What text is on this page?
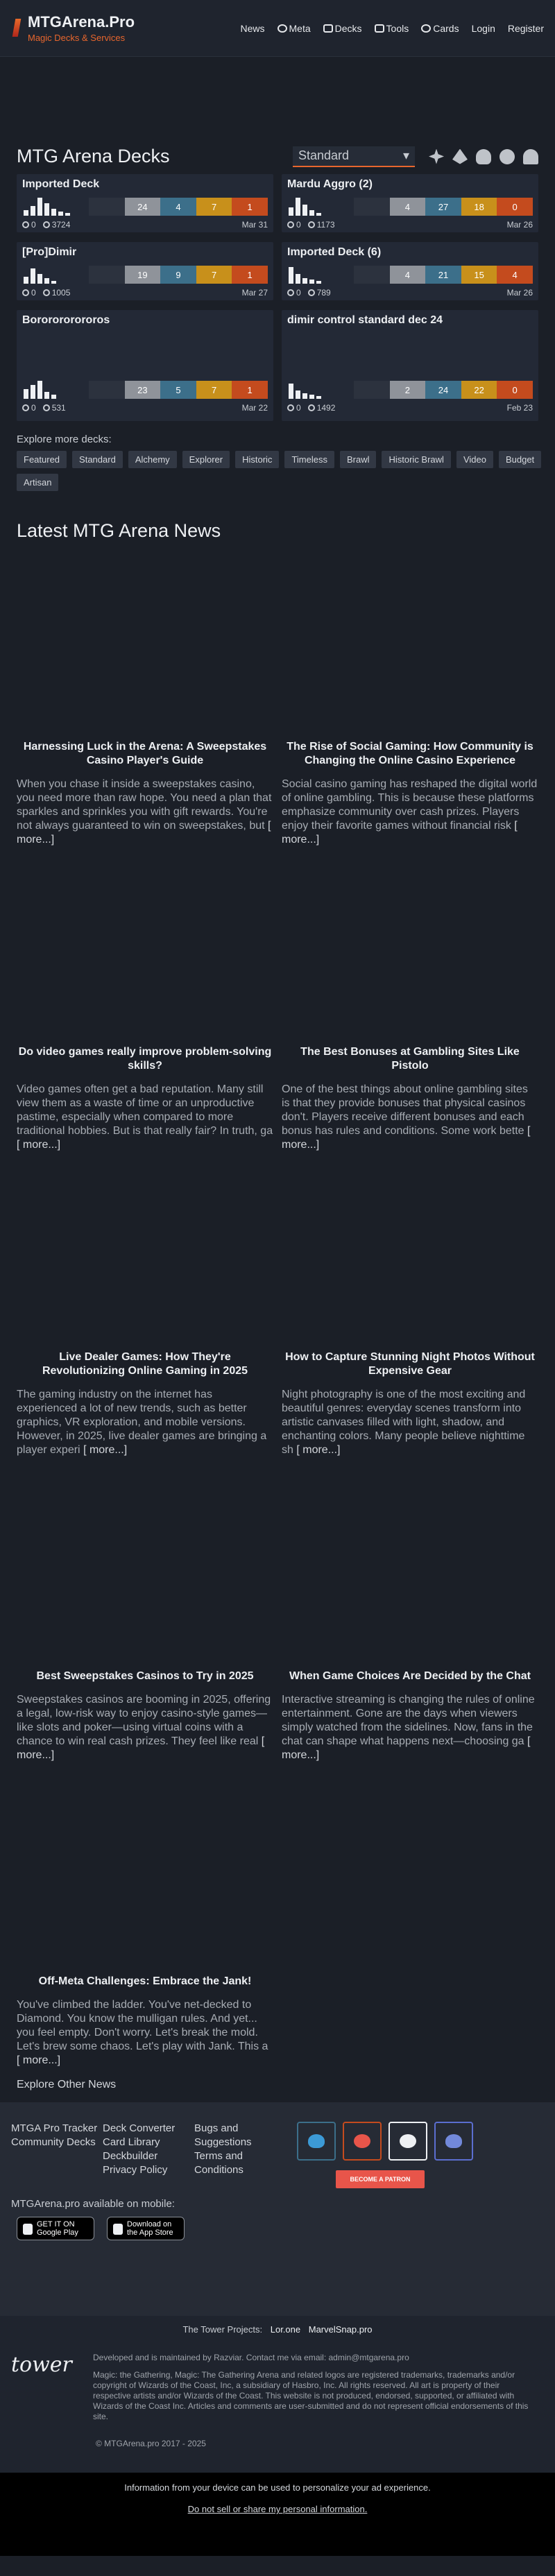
MTGArena.Pro
Magic Decks & Services
News	Meta	Decks	Tools	Cards Login Register
MTG Arena Decks	Standard	▾
Imported Deck
24	4	7	1
0	3724	Mar 31
Mardu Aggro (2)
4	27	18	0
0	1173	Mar 26
[Pro]Dimir
19	9	7	1
0	1005	Mar 27
Imported Deck (6)
4	21	15	4
0	789	Mar 26
Bororororororos
23	5	7	1
0	531	Mar 22
dimir control standard dec 24
2	24	22	0
0	1492	Feb 23
Explore more decks:
Featured	Standard	Alchemy	Explorer	Historic	Timeless	Brawl	Historic Brawl	Video	Budget
Artisan
Latest MTG Arena News
Harnessing Luck in the Arena: A Sweepstakes Casino Player's Guide
When you chase it inside a sweepstakes casino, you need more than raw hope. You need a plan that sparkles and sprinkles you with gift rewards. You're not always guaranteed to win on sweepstakes, but [ more...]
The Rise of Social Gaming: How Community is Changing the Online Casino Experience
Social casino gaming has reshaped the digital world of online gambling. This is because these platforms emphasize community over cash prizes. Players enjoy their favorite games without financial risk [ more...]
Do video games really improve problem-solving skills?
Video games often get a bad reputation. Many still view them as a waste of time or an unproductive pastime, especially when compared to more traditional hobbies. But is that really fair? In truth, ga [ more...]
The Best Bonuses at Gambling Sites Like Pistolo
One of the best things about online gambling sites is that they provide bonuses that physical casinos don't. Players receive different bonuses and each bonus has rules and conditions. Some work bette [ more...]
Live Dealer Games: How They're Revolutionizing Online Gaming in 2025
The gaming industry on the internet has experienced a lot of new trends, such as better graphics, VR exploration, and mobile versions. However, in 2025, live dealer games are bringing a player experi [ more...]
How to Capture Stunning Night Photos Without Expensive Gear
Night photography is one of the most exciting and beautiful genres: everyday scenes transform into artistic canvases filled with light, shadow, and enchanting colors. Many people believe nighttime sh [ more...]
Best Sweepstakes Casinos to Try in 2025
Sweepstakes casinos are booming in 2025, offering a legal, low-risk way to enjoy casino-style games—like slots and poker—using virtual coins with a chance to win real cash prizes. They feel like real [ more...]
When Game Choices Are Decided by the Chat
Interactive streaming is changing the rules of online entertainment. Gone are the days when viewers simply watched from the sidelines. Now, fans in the chat can shape what happens next—choosing ga [ more...]
Off-Meta Challenges: Embrace the Jank!
You've climbed the ladder. You've net-decked to Diamond. You know the mulligan rules. And yet... you feel empty. Don't worry. Let's break the mold. Let's brew some chaos. Let's play with Jank. This a [ more...]
Explore Other News
MTGA Pro Tracker
Community Decks
Deck Converter
Card Library
Deckbuilder
Privacy Policy
Bugs and Suggestions
Terms and Conditions
BECOME A PATRON
MTGArena.pro available on mobile:
GET IT ON Google Play
Download on the App Store
The Tower Projects: Lor.one MarvelSnap.pro
tower	Developed and is maintained by Razviar. Contact me via email: admin@mtgarena.pro

Magic: the Gathering, Magic: The Gathering Arena and related logos are registered trademarks, trademarks and/or copyright of Wizards of the Coast, Inc, a subsidiary of Hasbro, Inc. All rights reserved. All art is property of their respective artists and/or Wizards of the Coast. This website is not produced, endorsed, supported, or affiliated with Wizards of the Coast Inc. Articles and comments are user-submitted and do not represent official endorsements of this site.

© MTGArena.pro 2017 - 2025
Information from your device can be used to personalize your ad experience.
Do not sell or share my personal information.
